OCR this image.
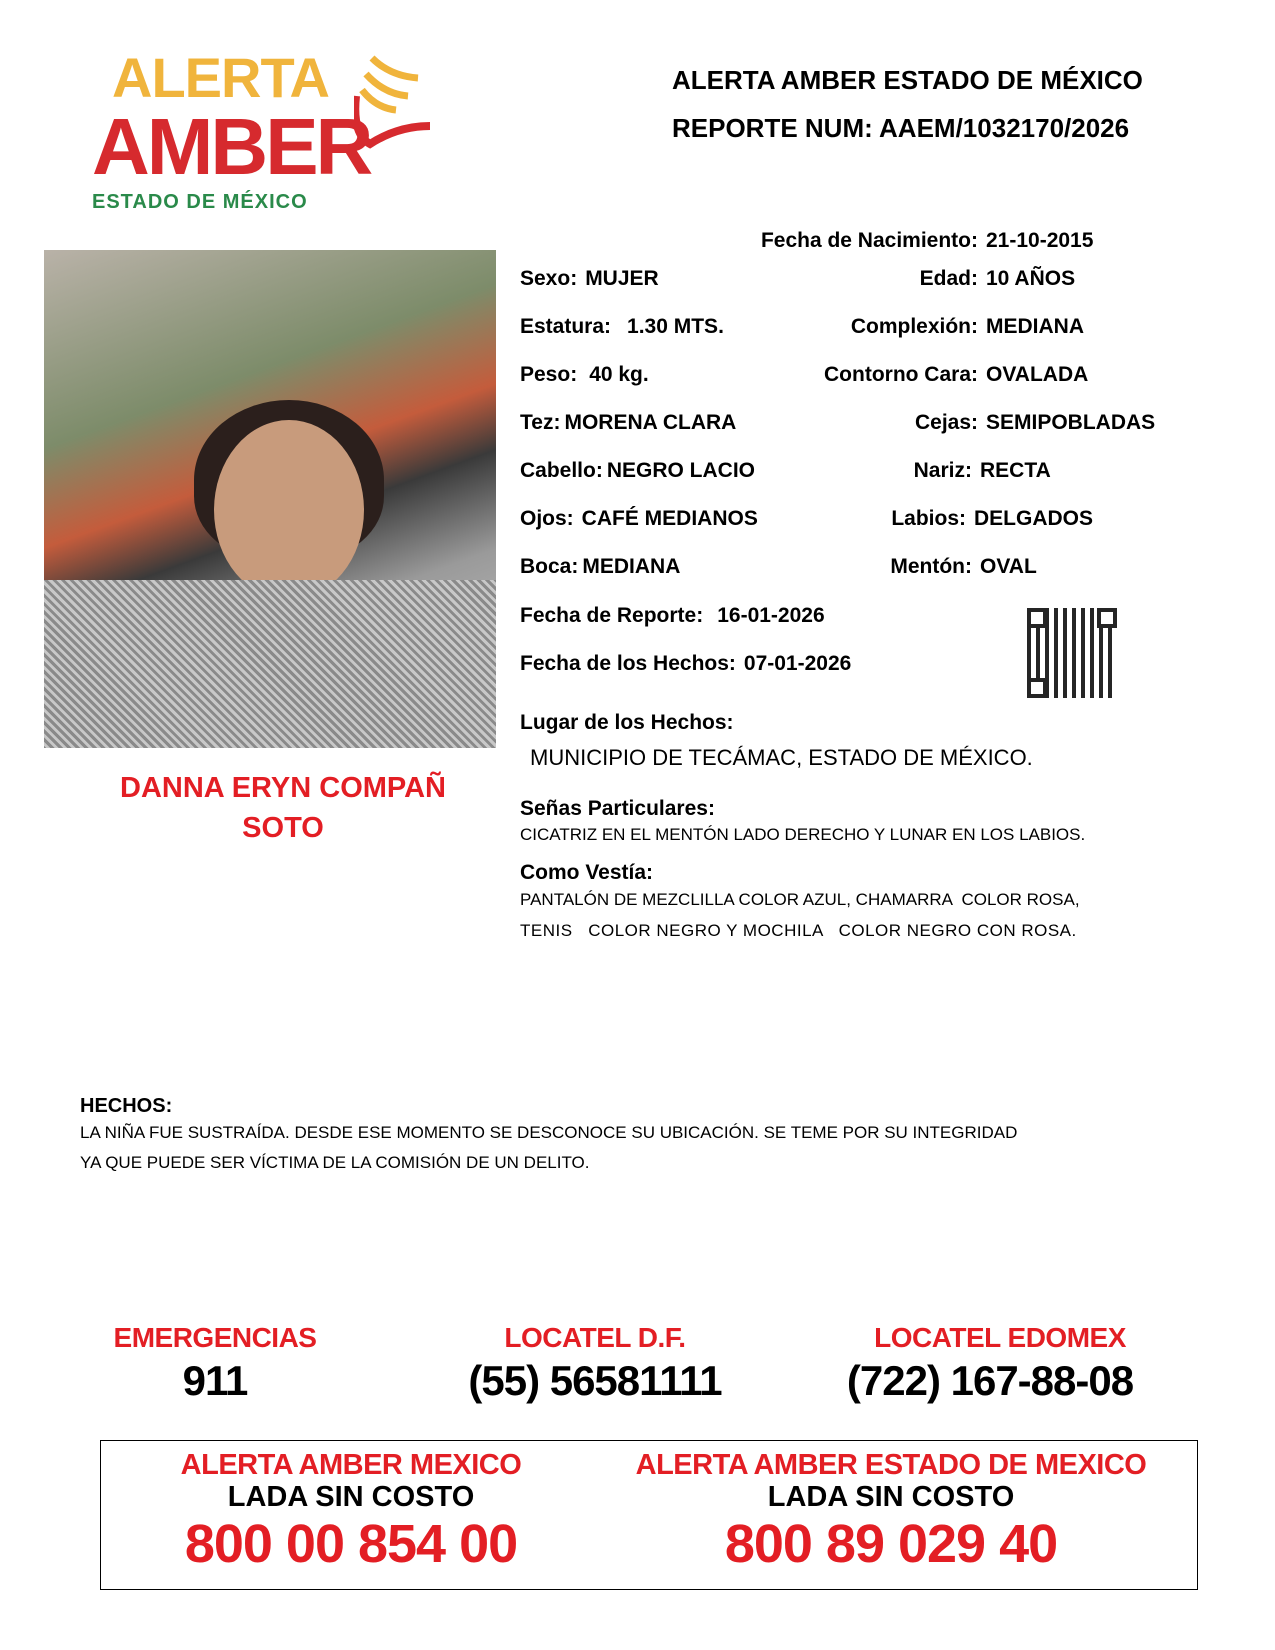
ALERTA
AMBER
ESTADO DE MÉXICO
ALERTA AMBER ESTADO DE MÉXICO
REPORTE NUM: AAEM/1032170/2026
DANNA ERYN COMPAÑ
SOTO
Fecha de Nacimiento: 21-10-2015
Sexo: MUJER	Edad: 10 AÑOS
Estatura: 1.30 MTS.	Complexión: MEDIANA
Peso: 40 kg.	Contorno Cara: OVALADA
Tez: MORENA CLARA	Cejas: SEMIPOBLADAS
Cabello: NEGRO LACIO	Nariz: RECTA
Ojos: CAFÉ MEDIANOS	Labios: DELGADOS
Boca: MEDIANA	Mentón: OVAL
Fecha de Reporte: 16-01-2026
Fecha de los Hechos: 07-01-2026
Lugar de los Hechos:
MUNICIPIO DE TECÁMAC, ESTADO DE MÉXICO.
Señas Particulares:
CICATRIZ EN EL MENTÓN LADO DERECHO Y LUNAR EN LOS LABIOS.
Como Vestía:
PANTALÓN DE MEZCLILLA COLOR AZUL, CHAMARRA  COLOR ROSA,
TENIS   COLOR NEGRO Y MOCHILA   COLOR NEGRO CON ROSA.
HECHOS:
LA NIÑA FUE SUSTRAÍDA. DESDE ESE MOMENTO SE DESCONOCE SU UBICACIÓN. SE TEME POR SU INTEGRIDAD
YA QUE PUEDE SER VÍCTIMA DE LA COMISIÓN DE UN DELITO.
EMERGENCIAS
911
LOCATEL D.F.
(55) 56581111
LOCATEL EDOMEX
(722) 167-88-08
ALERTA AMBER MEXICO
LADA SIN COSTO
800 00 854 00
ALERTA AMBER ESTADO DE MEXICO
LADA SIN COSTO
800 89 029 40
